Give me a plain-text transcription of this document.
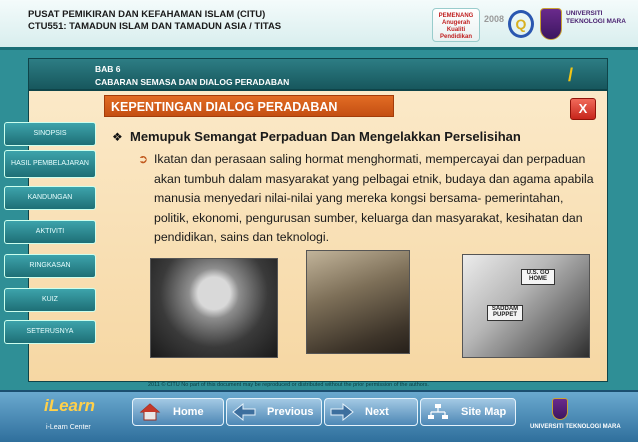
PUSAT PEMIKIRAN DAN KEFAHAMAN ISLAM (CITU)
CTU551: TAMADUN ISLAM DAN TAMADUN ASIA / TITAS
PEMENANG Anugerah Kualiti Pendidikan
2008 Q
UNIVERSITI TEKNOLOGI MARA
BAB 6
CABARAN SEMASA DAN DIALOG PERADABAN	/
KEPENTINGAN DIALOG PERADABAN	X
SINOPSIS
HASIL PEMBELAJARAN
KANDUNGAN
AKTIVITI
RINGKASAN
KUIZ
SETERUSNYA
❖ Memupuk Semangat Perpaduan Dan Mengelakkan Perselisihan
➲ Ikatan dan perasaan saling hormat menghormati, mempercayai dan perpaduan akan tumbuh dalam masyarakat yang pelbagai etnik, budaya dan agama apabila manusia menyedari nilai-nilai yang mereka kongsi bersama- pemerintahan, politik, ekonomi, pengurusan sumber, keluarga dan masyarakat, kesihatan dan pendidikan, sains dan teknologi.
U.S. GO HOME
SADDAM PUPPET
2011 © CITU No part of this document may be reproduced or distributed without the prior permission of the authors.
iLearn
i-Learn Center
Home	Previous	Next	Site Map
UNIVERSITI TEKNOLOGI MARA
